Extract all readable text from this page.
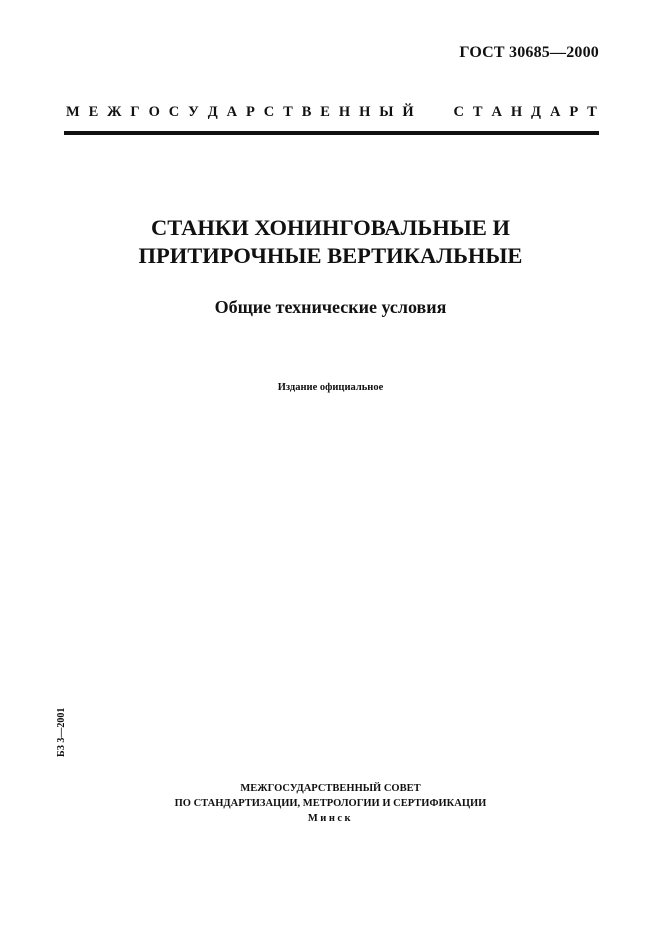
ГОСТ 30685—2000
М Е Ж Г О С У Д А Р С Т В Е Н Н Ы Й	С Т А Н Д А Р Т
СТАНКИ ХОНИНГОВАЛЬНЫЕ И
ПРИТИРОЧНЫЕ ВЕРТИКАЛЬНЫЕ
Общие технические условия
Издание официальное
БЗ 3—2001
МЕЖГОСУДАРСТВЕННЫЙ СОВЕТ
ПО СТАНДАРТИЗАЦИИ, МЕТРОЛОГИИ И СЕРТИФИКАЦИИ
Минск
